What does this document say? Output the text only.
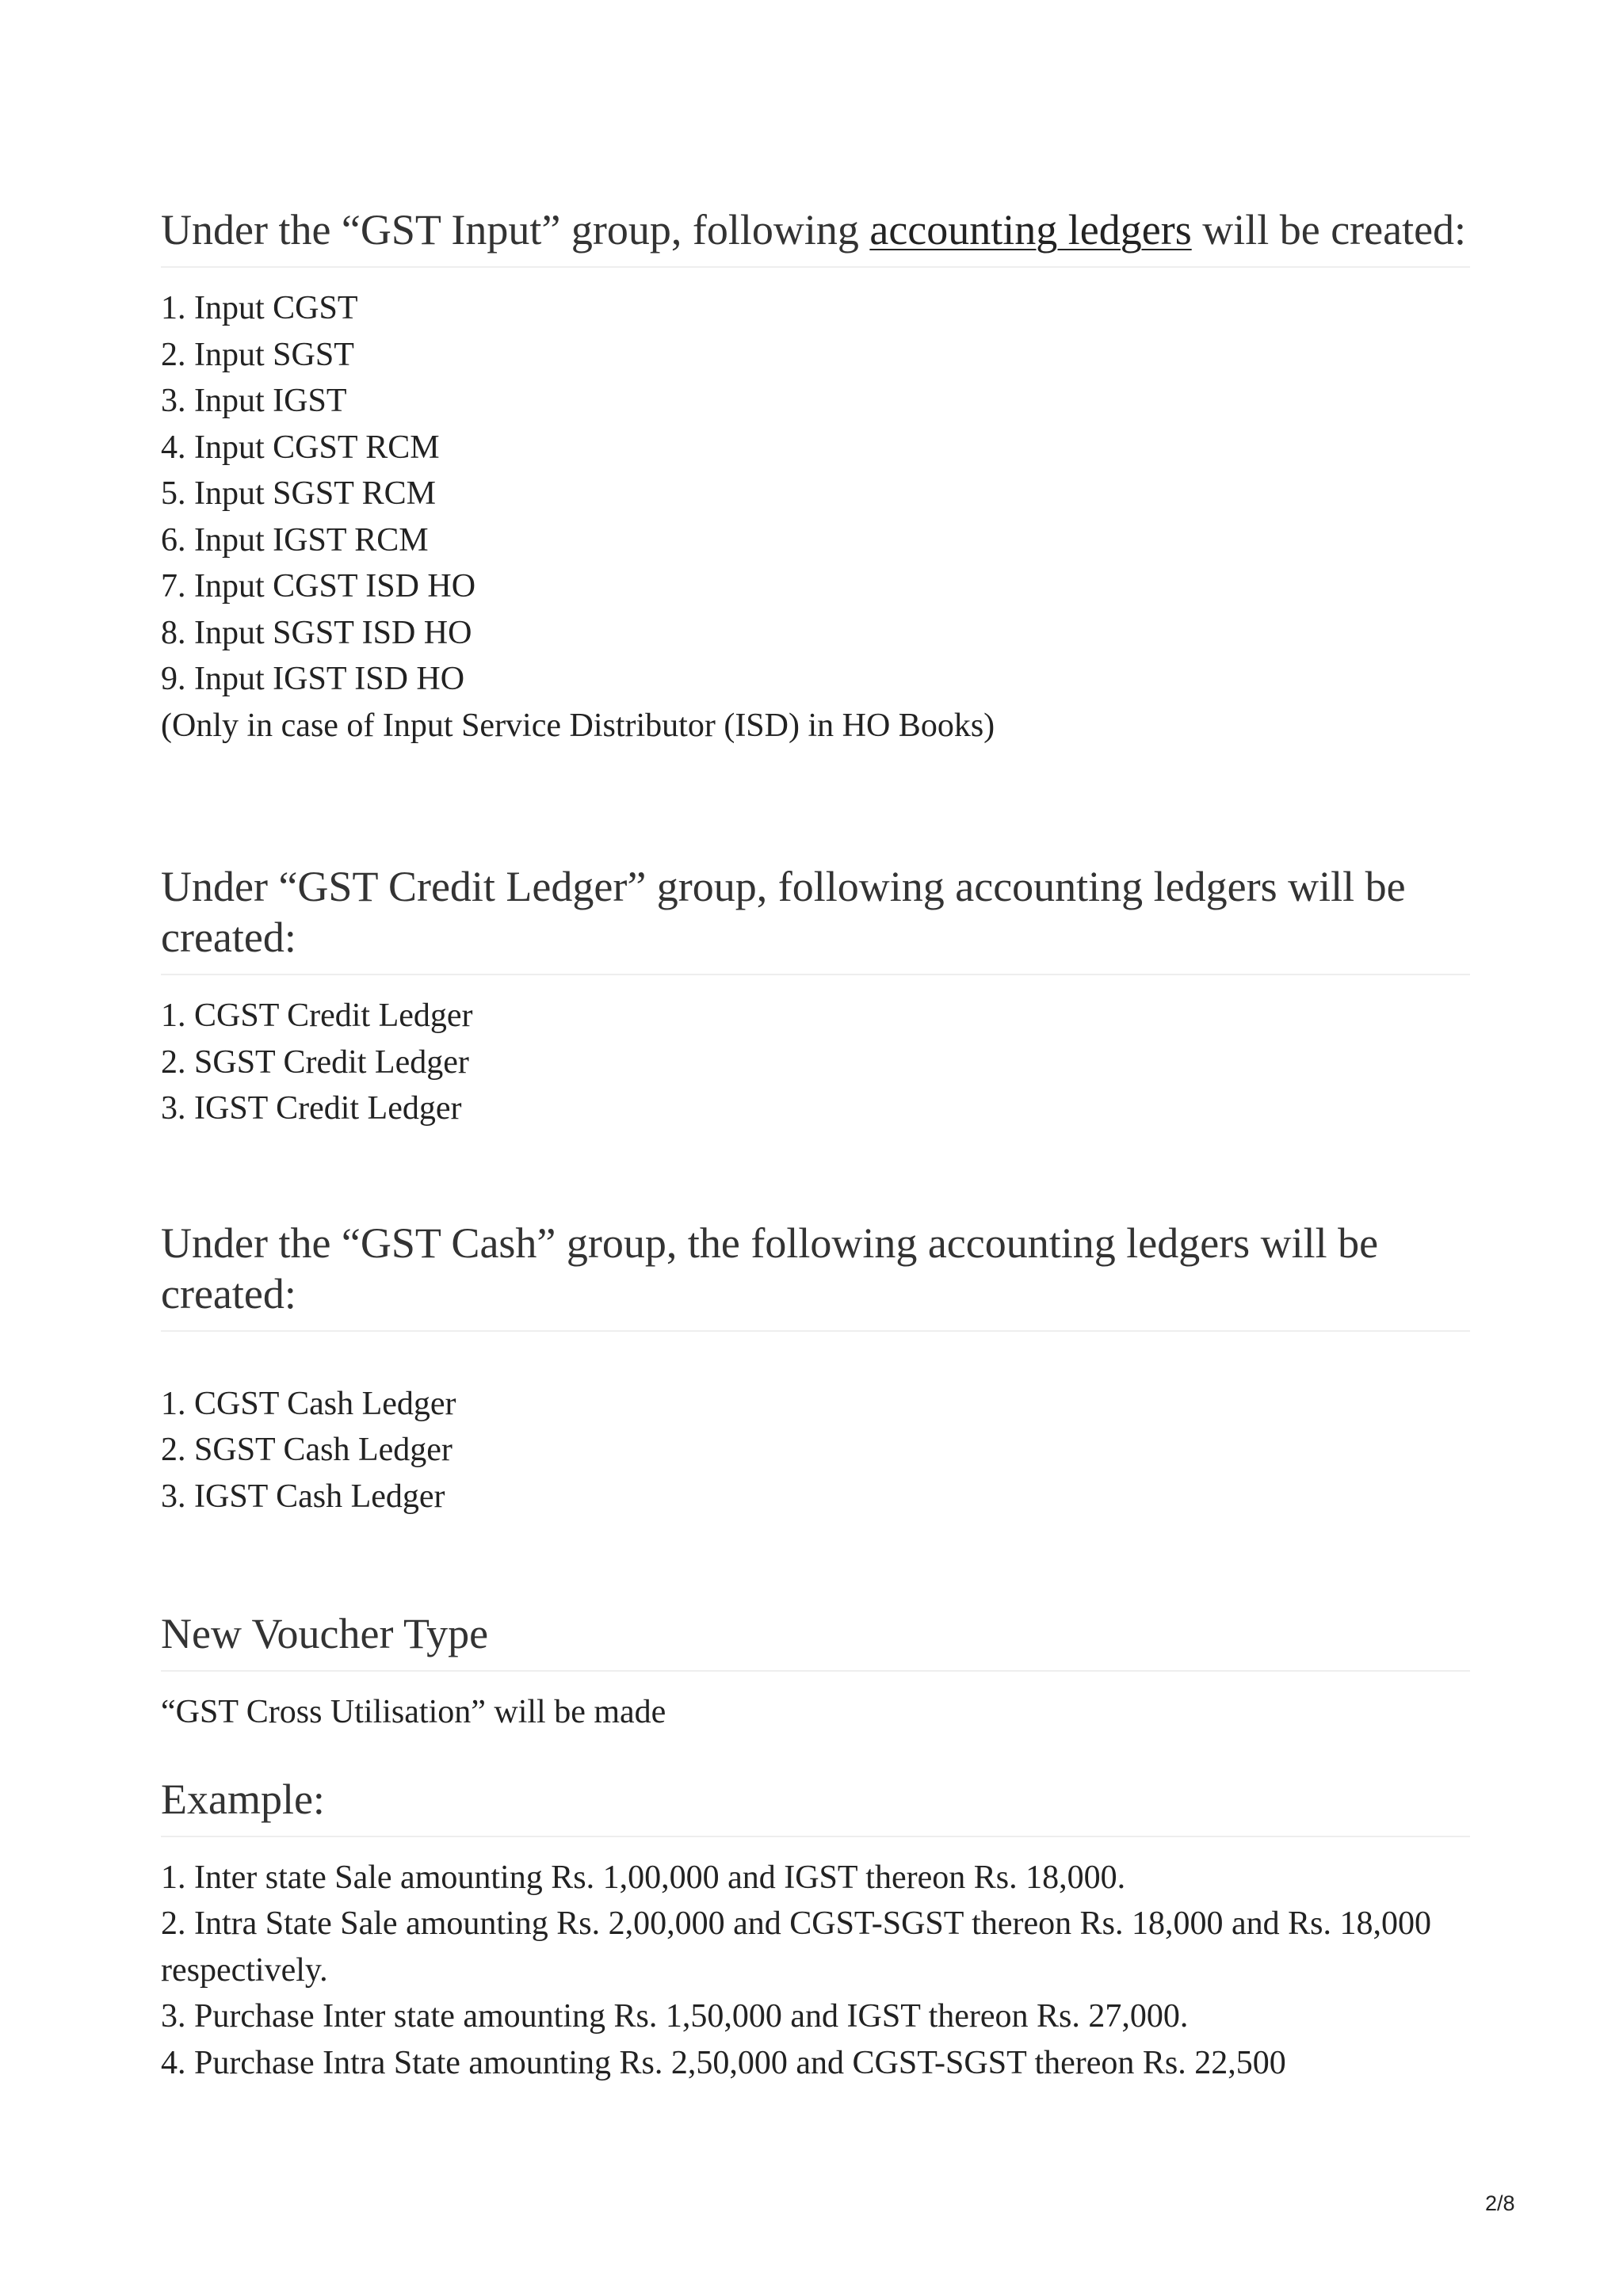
Under the “GST Input” group, following accounting ledgers will be created:
1. Input CGST
2. Input SGST
3. Input IGST
4. Input CGST RCM
5. Input SGST RCM
6. Input IGST RCM
7. Input CGST ISD HO
8. Input SGST ISD HO
9. Input IGST ISD HO
(Only in case of Input Service Distributor (ISD) in HO Books)
Under “GST Credit Ledger” group, following accounting ledgers will be created:
1. CGST Credit Ledger
2. SGST Credit Ledger
3. IGST Credit Ledger
Under the “GST Cash” group, the following accounting ledgers will be created:
1. CGST Cash Ledger
2. SGST Cash Ledger
3. IGST Cash Ledger
New Voucher Type

“GST Cross Utilisation” will be made

Example:
1. Inter state Sale amounting Rs. 1,00,000 and IGST thereon Rs. 18,000.
2. Intra State Sale amounting Rs. 2,00,000 and CGST-SGST thereon Rs. 18,000 and Rs. 18,000 respectively.
3. Purchase Inter state amounting Rs. 1,50,000 and IGST thereon Rs. 27,000.
4. Purchase Intra State amounting Rs. 2,50,000 and CGST-SGST thereon Rs. 22,500
2/8
